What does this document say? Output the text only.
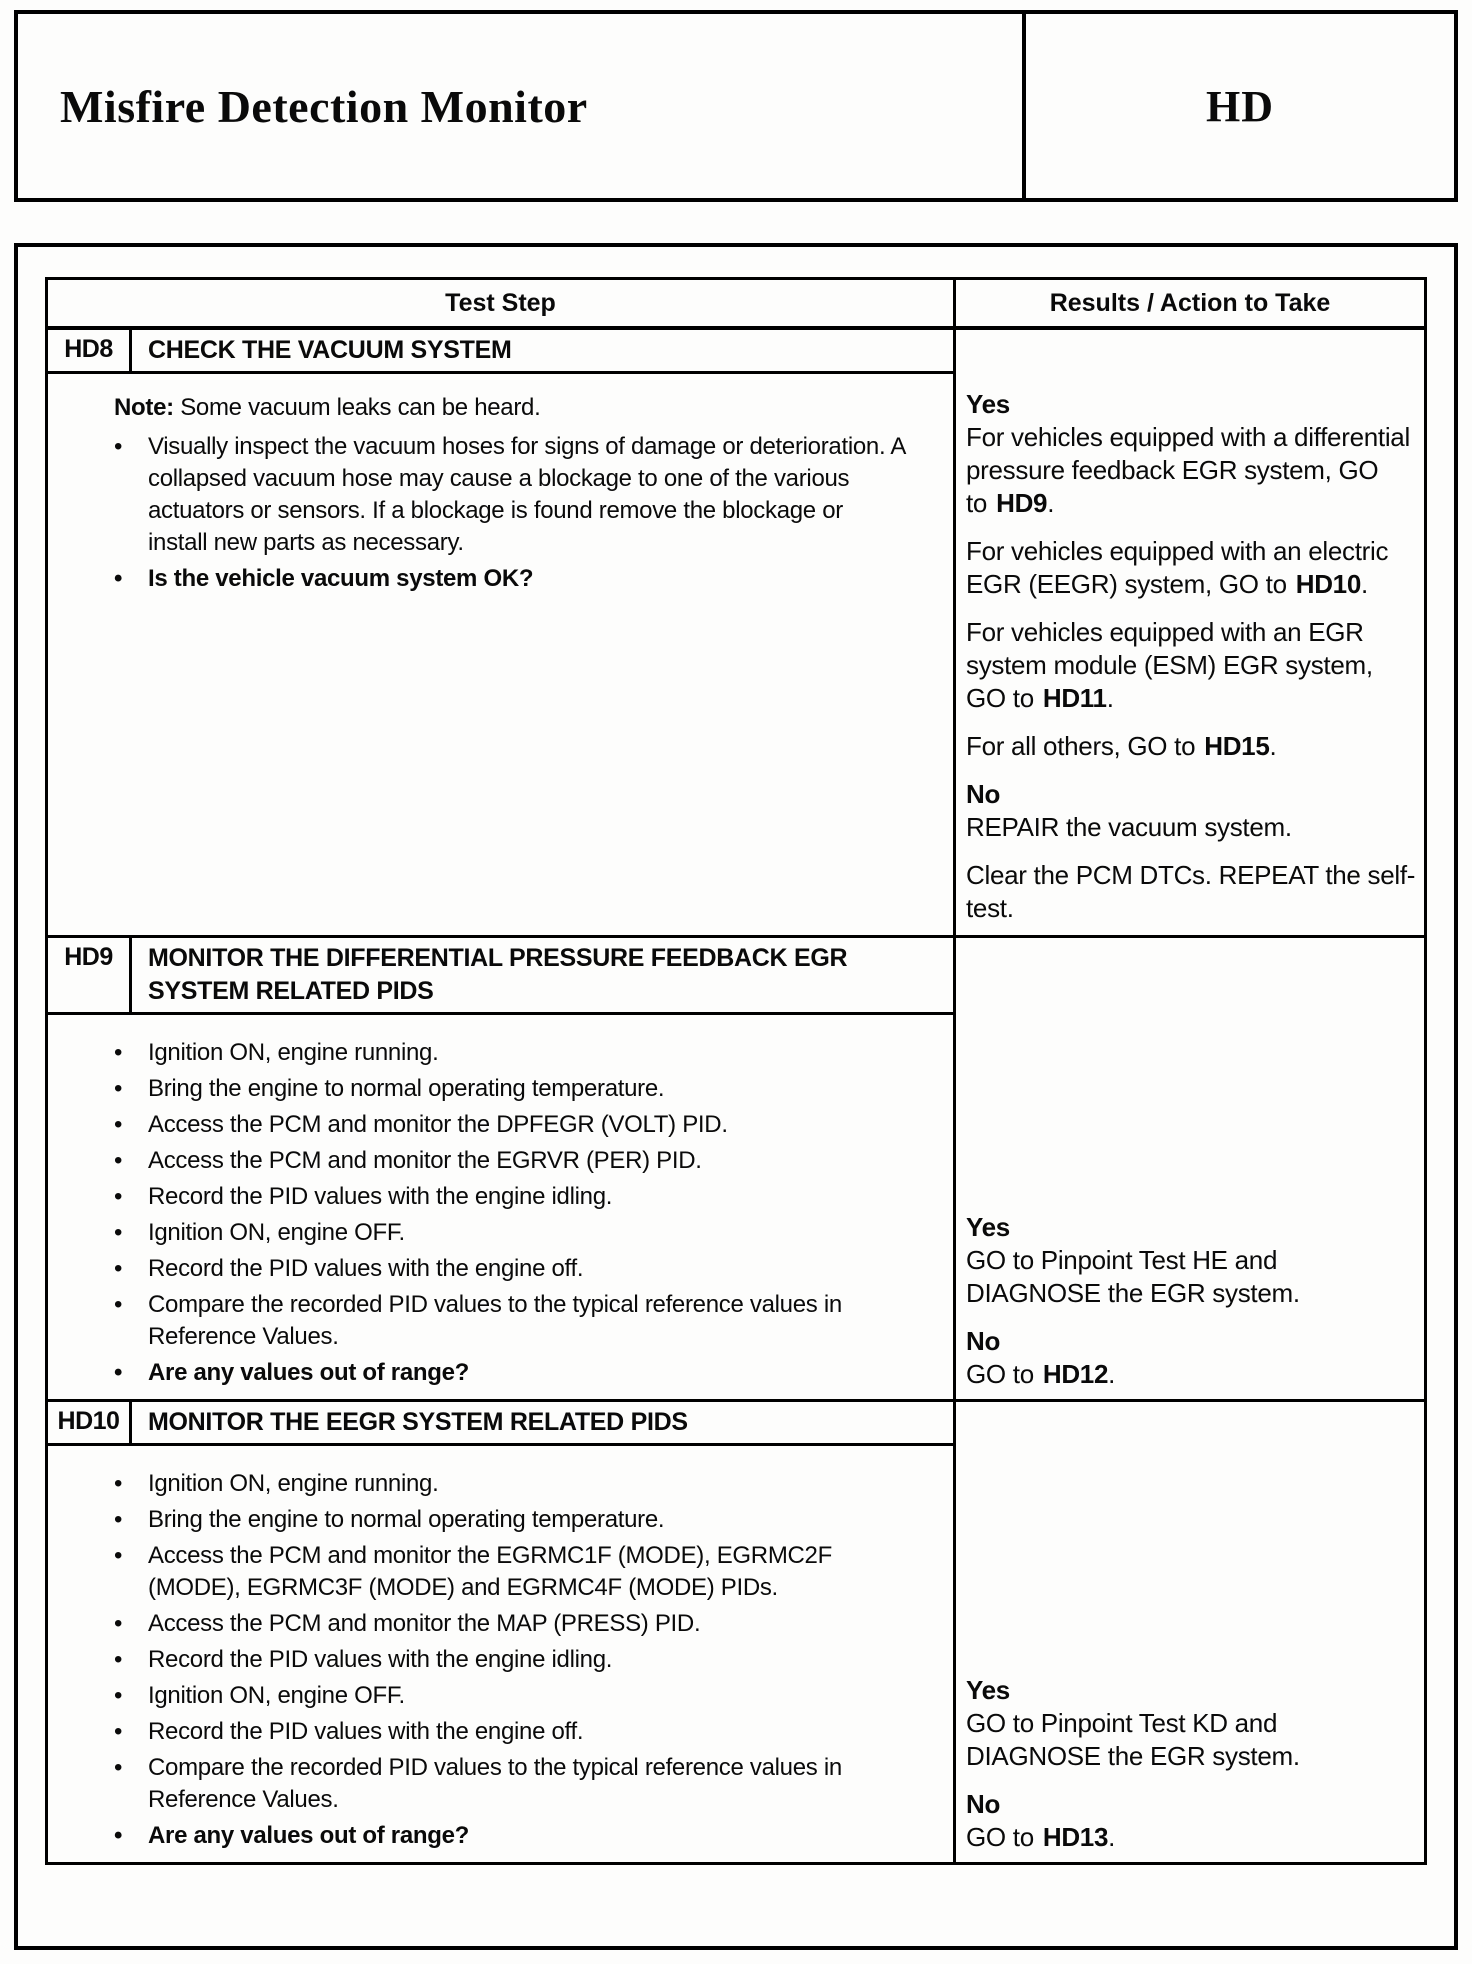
Misfire Detection Monitor	HD
Test Step	Results / Action to Take
HD8	CHECK THE VACUUM SYSTEM
Note: Some vacuum leaks can be heard.
• Visually inspect the vacuum hoses for signs of damage or deterioration. A collapsed vacuum hose may cause a blockage to one of the various actuators or sensors. If a blockage is found remove the blockage or install new parts as necessary.
• Is the vehicle vacuum system OK?

Yes
For vehicles equipped with a differential pressure feedback EGR system, GO to HD9.

For vehicles equipped with an electric EGR (EEGR) system, GO to HD10.

For vehicles equipped with an EGR system module (ESM) EGR system, GO to HD11.

For all others, GO to HD15.

No
REPAIR the vacuum system.

Clear the PCM DTCs. REPEAT the self-test.

HD9	MONITOR THE DIFFERENTIAL PRESSURE FEEDBACK EGR SYSTEM RELATED PIDS
• Ignition ON, engine running.
• Bring the engine to normal operating temperature.
• Access the PCM and monitor the DPFEGR (VOLT) PID.
• Access the PCM and monitor the EGRVR (PER) PID.
• Record the PID values with the engine idling.
• Ignition ON, engine OFF.
• Record the PID values with the engine off.
• Compare the recorded PID values to the typical reference values in Reference Values.
• Are any values out of range?

Yes
GO to Pinpoint Test HE and DIAGNOSE the EGR system.

No
GO to HD12.

HD10	MONITOR THE EEGR SYSTEM RELATED PIDS
• Ignition ON, engine running.
• Bring the engine to normal operating temperature.
• Access the PCM and monitor the EGRMC1F (MODE), EGRMC2F (MODE), EGRMC3F (MODE) and EGRMC4F (MODE) PIDs.
• Access the PCM and monitor the MAP (PRESS) PID.
• Record the PID values with the engine idling.
• Ignition ON, engine OFF.
• Record the PID values with the engine off.
• Compare the recorded PID values to the typical reference values in Reference Values.
• Are any values out of range?

Yes
GO to Pinpoint Test KD and DIAGNOSE the EGR system.

No
GO to HD13.
